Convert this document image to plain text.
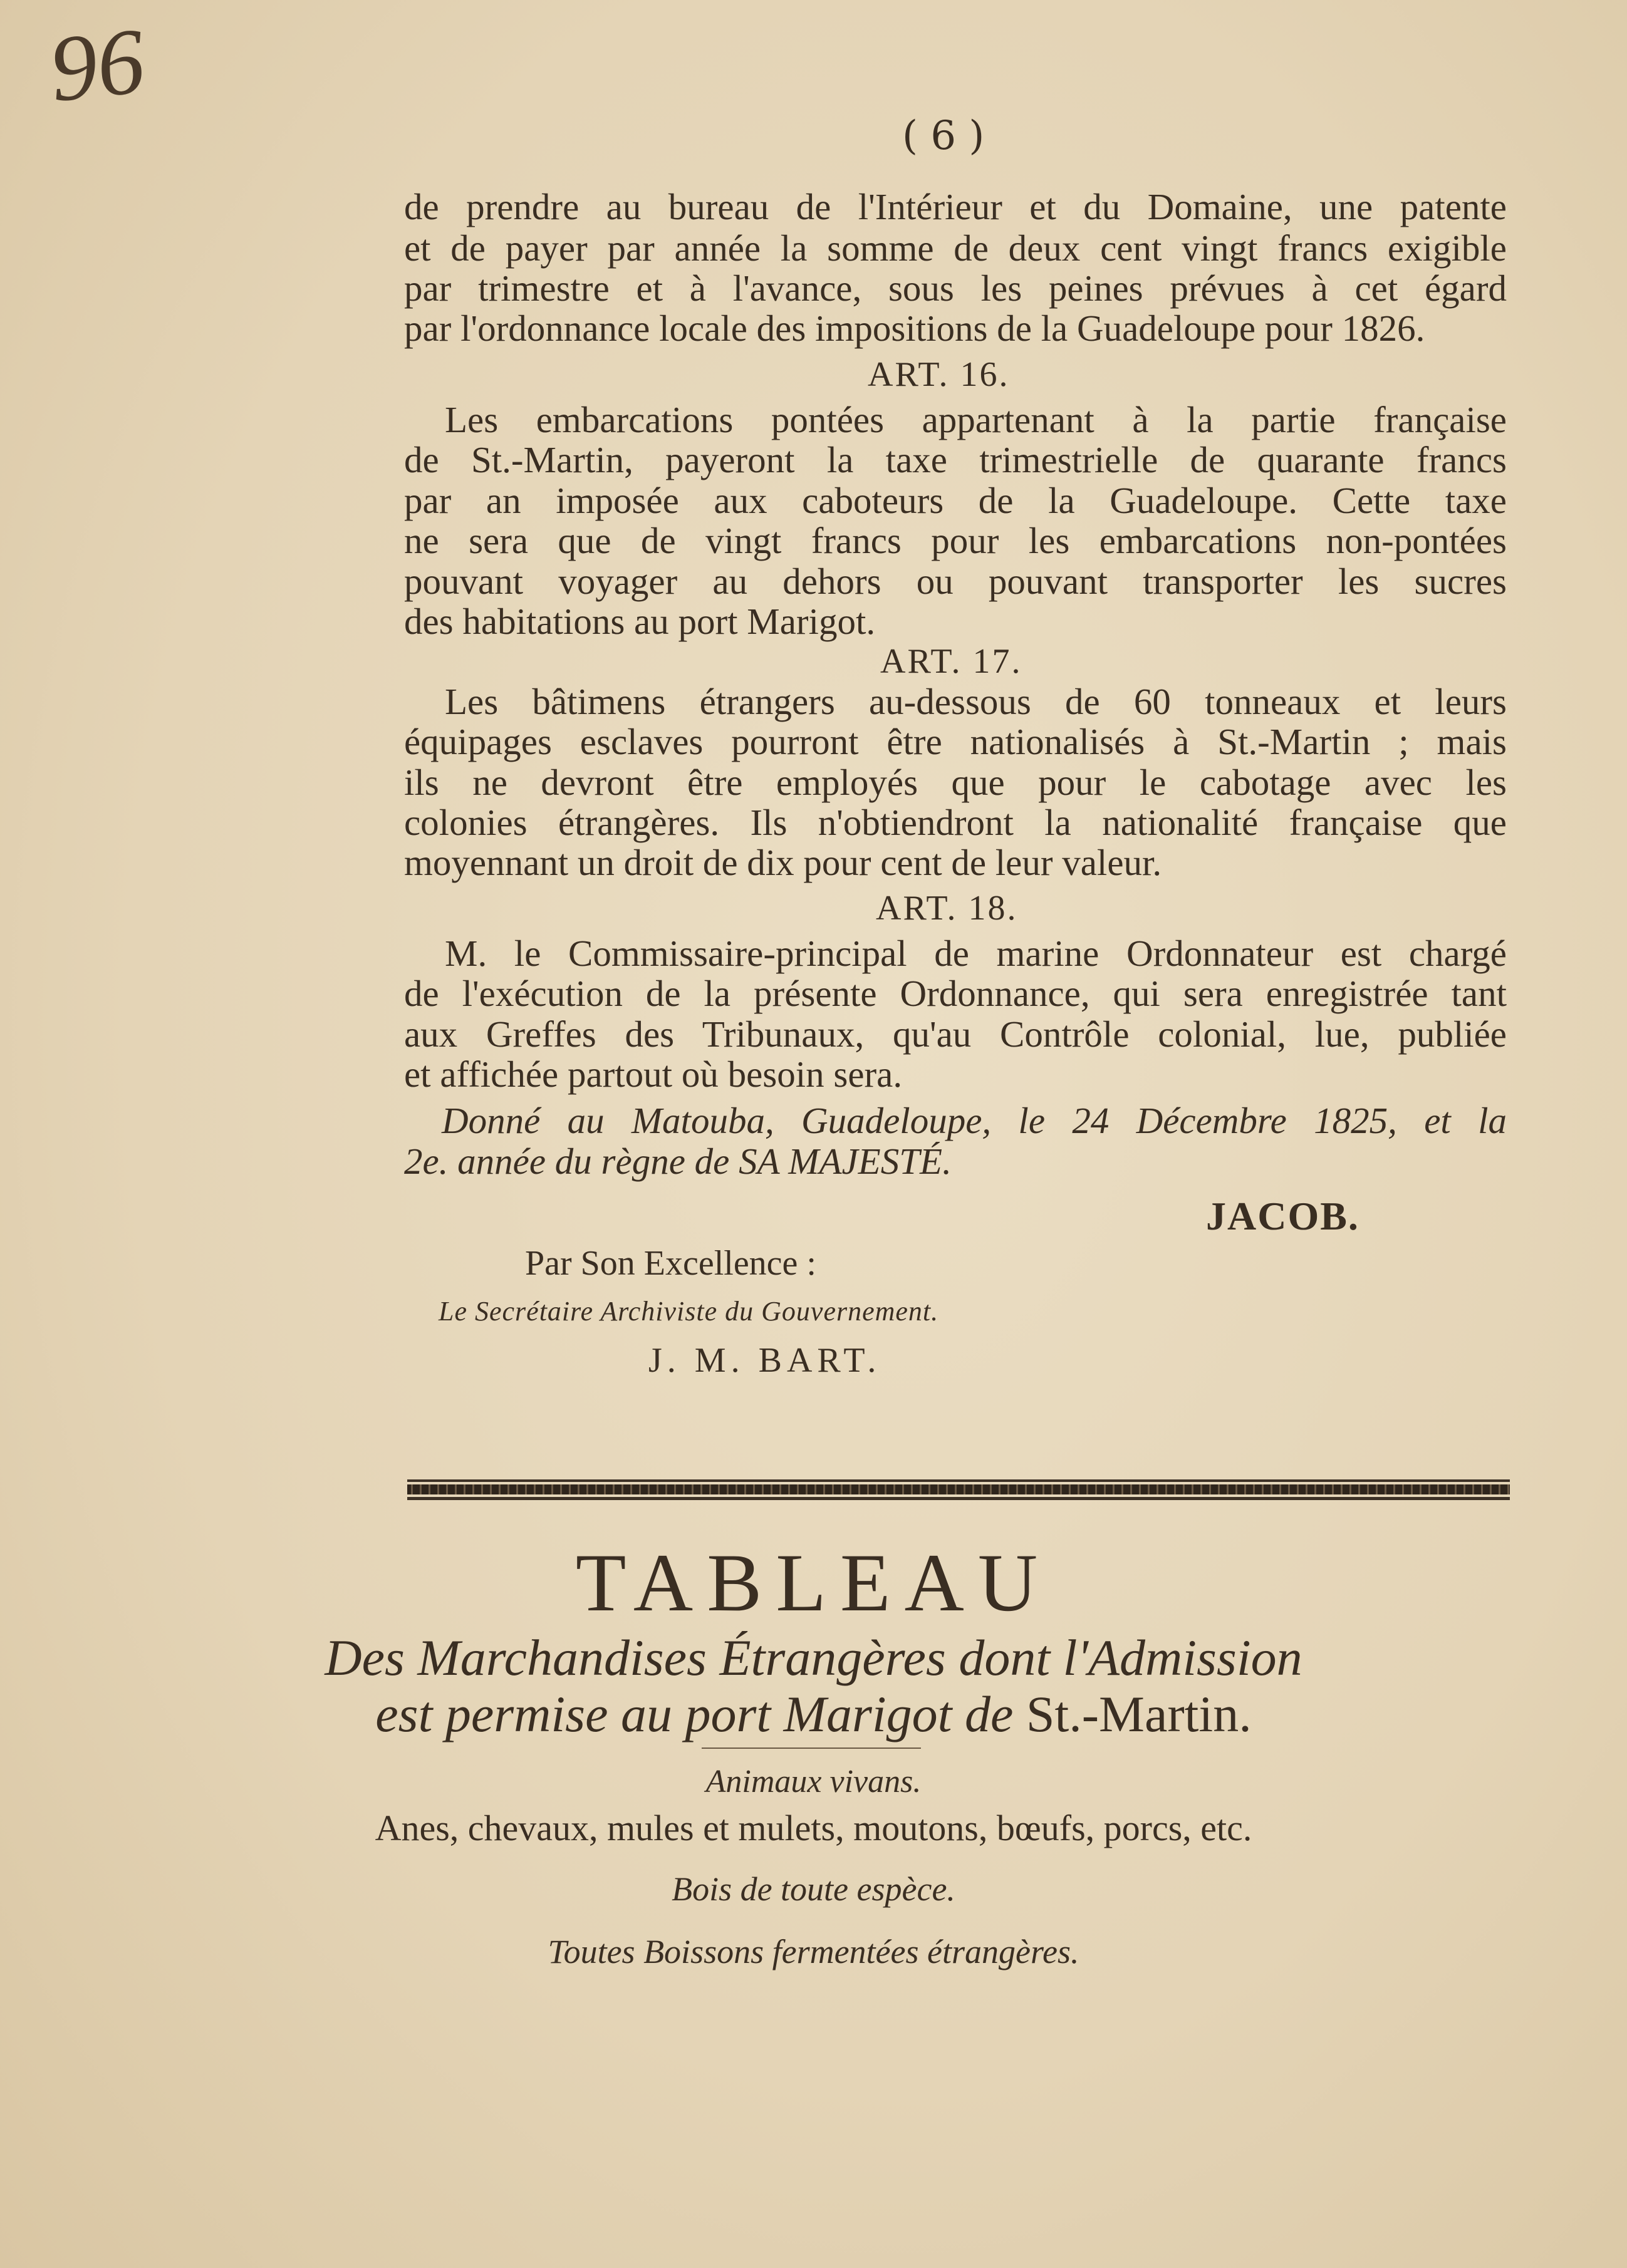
96
( 6 )
de prendre au bureau de l'Intérieur et du Domaine, une patente
et de payer par année la somme de deux cent vingt francs exigible
par trimestre et à l'avance, sous les peines prévues à cet égard
par l'ordonnance locale des impositions de la Guadeloupe pour 1826.
ART. 16.
Les embarcations pontées appartenant à la partie française
de St.-Martin, payeront la taxe trimestrielle de quarante francs
par an imposée aux caboteurs de la Guadeloupe. Cette taxe
ne sera que de vingt francs pour les embarcations non-pontées
pouvant voyager au dehors ou pouvant transporter les sucres
des habitations au port Marigot.
ART. 17.
Les bâtimens étrangers au-dessous de 60 tonneaux et leurs
équipages esclaves pourront être nationalisés à St.-Martin ; mais
ils ne devront être employés que pour le cabotage avec les
colonies étrangères. Ils n'obtiendront la nationalité française que
moyennant un droit de dix pour cent de leur valeur.
ART. 18.
M. le Commissaire-principal de marine Ordonnateur est chargé
de l'exécution de la présente Ordonnance, qui sera enregistrée tant
aux Greffes des Tribunaux, qu'au Contrôle colonial, lue, publiée
et affichée partout où besoin sera.
Donné au Matouba, Guadeloupe, le 24 Décembre 1825, et la
2e. année du règne de SA MAJESTÉ.
JACOB.
Par Son Excellence :
Le Secrétaire Archiviste du Gouvernement.
J. M. BART.
TABLEAU
Des Marchandises Étrangères dont l'Admission
est permise au port Marigot de St.-Martin.
Animaux vivans.
Anes, chevaux, mules et mulets, moutons, bœufs, porcs, etc.
Bois de toute espèce.
Toutes Boissons fermentées étrangères.
